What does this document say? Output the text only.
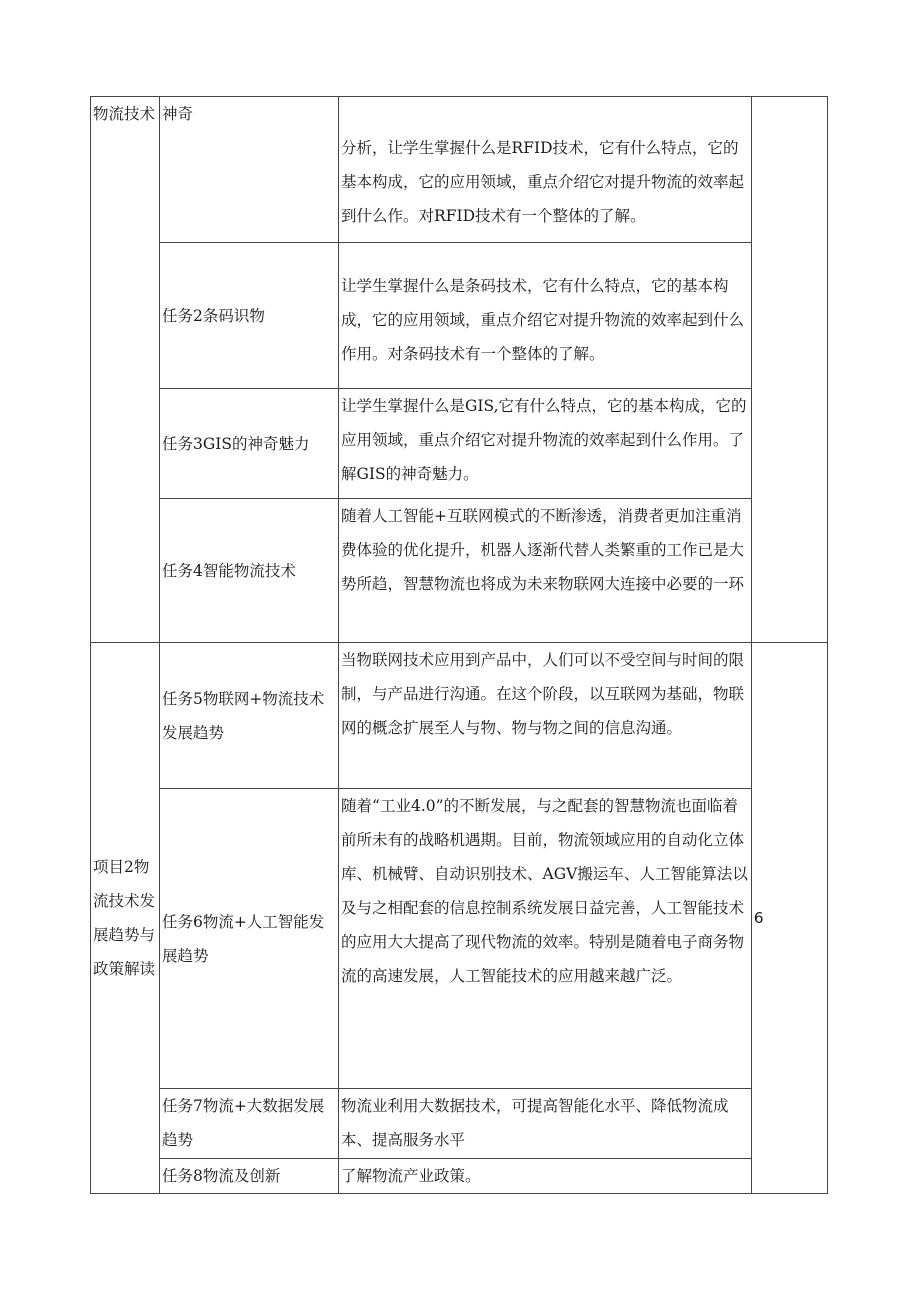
物流技术	神奇	分析，让学生掌握什么是RFID技术，它有什么特点，它的基本构成，它的应用领域，重点介绍它对提升物流的效率起到什么作。对RFID技术有一个整体的了解。	

	任务2条码识物	让学生掌握什么是条码技术，它有什么特点，它的基本构成，它的应用领域，重点介绍它对提升物流的效率起到什么作用。对条码技术有一个整体的了解。	

	任务3GIS的神奇魅力	让学生掌握什么是GIS,它有什么特点，它的基本构成，它的应用领域，重点介绍它对提升物流的效率起到什么作用。了解GIS的神奇魅力。	

	任务4智能物流技术	随着人工智能+互联网模式的不断渗透，消费者更加注重消费体验的优化提升，机器人逐渐代替人类繁重的工作已是大势所趋，智慧物流也将成为未来物联网大连接中必要的一环	

项目2物流技术发展趋势与政策解读	任务5物联网+物流技术发展趋势	当物联网技术应用到产品中，人们可以不受空间与时间的限制，与产品进行沟通。在这个阶段，以互联网为基础，物联网的概念扩展至人与物、物与物之间的信息沟通。	6
	任务6物流+人工智能发展趋势	随着“工业4.0”的不断发展，与之配套的智慧物流也面临着前所未有的战略机遇期。目前，物流领域应用的自动化立体库、机械臂、自动识别技术、AGV搬运车、人工智能算法以及与之相配套的信息控制系统发展日益完善，人工智能技术的应用大大提高了现代物流的效率。特别是随着电子商务物流的高速发展，人工智能技术的应用越来越广泛。	

	任务7物流+大数据发展趋势	物流业利用大数据技术，可提高智能化水平、降低物流成本、提高服务水平	

	任务8物流及创新	了解物流产业政策。	
